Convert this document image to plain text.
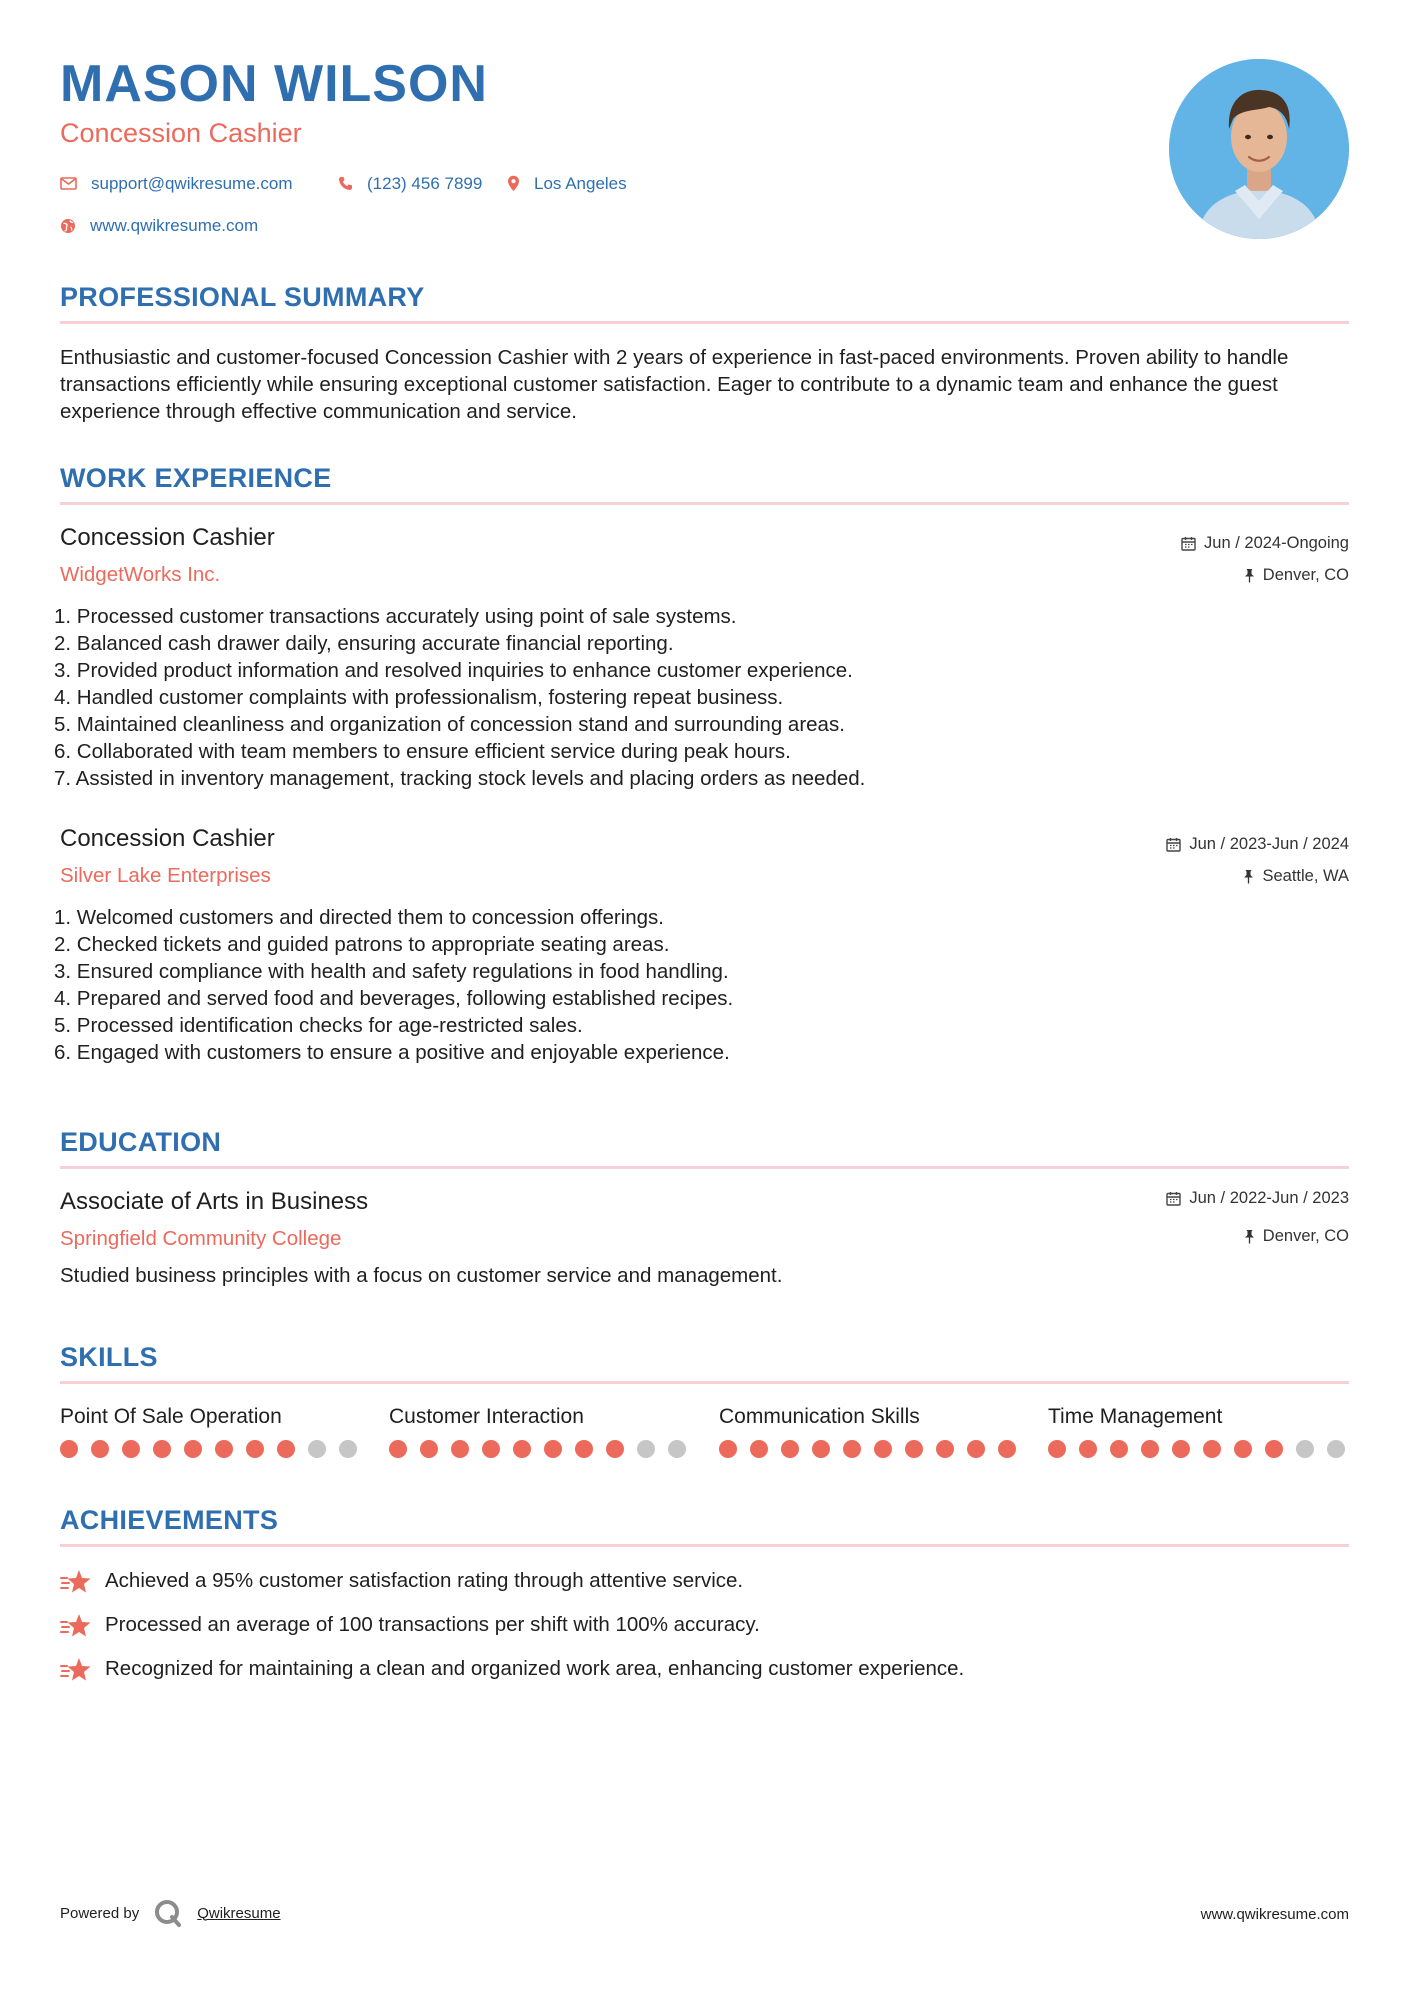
MASON WILSON
Concession Cashier
support@qwikresume.com	(123) 456 7899	Los Angeles
www.qwikresume.com
PROFESSIONAL SUMMARY
Enthusiastic and customer-focused Concession Cashier with 2 years of experience in fast-paced environments. Proven ability to handle transactions efficiently while ensuring exceptional customer satisfaction. Eager to contribute to a dynamic team and enhance the guest experience through effective communication and service.
WORK EXPERIENCE
Concession Cashier
WidgetWorks Inc.
Jun / 2024-Ongoing
Denver, CO
1. Processed customer transactions accurately using point of sale systems.
2. Balanced cash drawer daily, ensuring accurate financial reporting.
3. Provided product information and resolved inquiries to enhance customer experience.
4. Handled customer complaints with professionalism, fostering repeat business.
5. Maintained cleanliness and organization of concession stand and surrounding areas.
6. Collaborated with team members to ensure efficient service during peak hours.
7. Assisted in inventory management, tracking stock levels and placing orders as needed.
Concession Cashier
Silver Lake Enterprises
Jun / 2023-Jun / 2024
Seattle, WA
1. Welcomed customers and directed them to concession offerings.
2. Checked tickets and guided patrons to appropriate seating areas.
3. Ensured compliance with health and safety regulations in food handling.
4. Prepared and served food and beverages, following established recipes.
5. Processed identification checks for age-restricted sales.
6. Engaged with customers to ensure a positive and enjoyable experience.
EDUCATION
Associate of Arts in Business
Springfield Community College
Jun / 2022-Jun / 2023
Denver, CO
Studied business principles with a focus on customer service and management.
SKILLS
Point Of Sale Operation	Customer Interaction	Communication Skills	Time Management
ACHIEVEMENTS
Achieved a 95% customer satisfaction rating through attentive service.
Processed an average of 100 transactions per shift with 100% accuracy.
Recognized for maintaining a clean and organized work area, enhancing customer experience.
Powered by	Qwikresume	www.qwikresume.com
